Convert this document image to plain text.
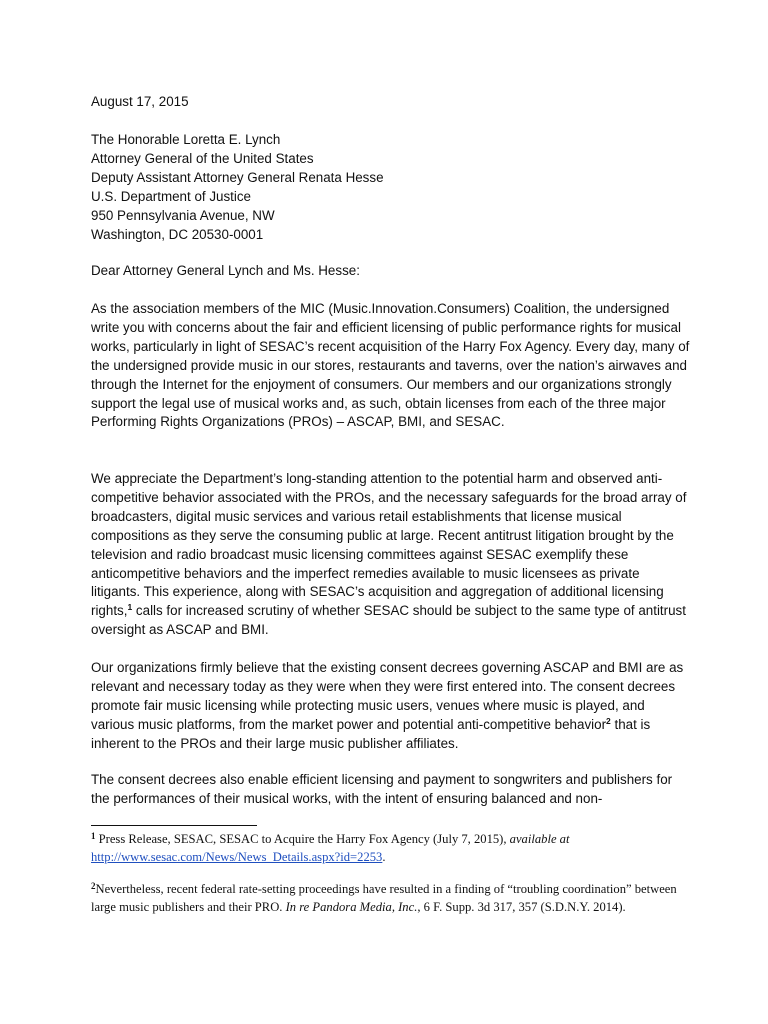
August 17, 2015
The Honorable Loretta E. Lynch
Attorney General of the United States
Deputy Assistant Attorney General Renata Hesse
U.S. Department of Justice
950 Pennsylvania Avenue, NW
Washington, DC 20530-0001
Dear Attorney General Lynch and Ms. Hesse:

As the association members of the MIC (Music.Innovation.Consumers) Coalition, the undersigned write you with concerns about the fair and efficient licensing of public performance rights for musical works, particularly in light of SESAC’s recent acquisition of the Harry Fox Agency. Every day, many of the undersigned provide music in our stores, restaurants and taverns, over the nation’s airwaves and through the Internet for the enjoyment of consumers. Our members and our organizations strongly support the legal use of musical works and, as such, obtain licenses from each of the three major Performing Rights Organizations (PROs) – ASCAP, BMI, and SESAC.

We appreciate the Department’s long-standing attention to the potential harm and observed anti-competitive behavior associated with the PROs, and the necessary safeguards for the broad array of broadcasters, digital music services and various retail establishments that license musical compositions as they serve the consuming public at large. Recent antitrust litigation brought by the television and radio broadcast music licensing committees against SESAC exemplify these anticompetitive behaviors and the imperfect remedies available to music licensees as private litigants. This experience, along with SESAC’s acquisition and aggregation of additional licensing rights,$^1$ calls for increased scrutiny of whether SESAC should be subject to the same type of antitrust oversight as ASCAP and BMI.

Our organizations firmly believe that the existing consent decrees governing ASCAP and BMI are as relevant and necessary today as they were when they were first entered into. The consent decrees promote fair music licensing while protecting music users, venues where music is played, and various music platforms, from the market power and potential anti-competitive behavior$^2$ that is inherent to the PROs and their large music publisher affiliates.

The consent decrees also enable efficient licensing and payment to songwriters and publishers for the performances of their musical works, with the intent of ensuring balanced and non-

$^1$ Press Release, SESAC, SESAC to Acquire the Harry Fox Agency (July 7, 2015), available at
http://www.sesac.com/News/News_Details.aspx?id=2253.
$^2$Nevertheless, recent federal rate-setting proceedings have resulted in a finding of “troubling coordination” between large music publishers and their PRO. In re Pandora Media, Inc., 6 F. Supp. 3d 317, 357 (S.D.N.Y. 2014).
